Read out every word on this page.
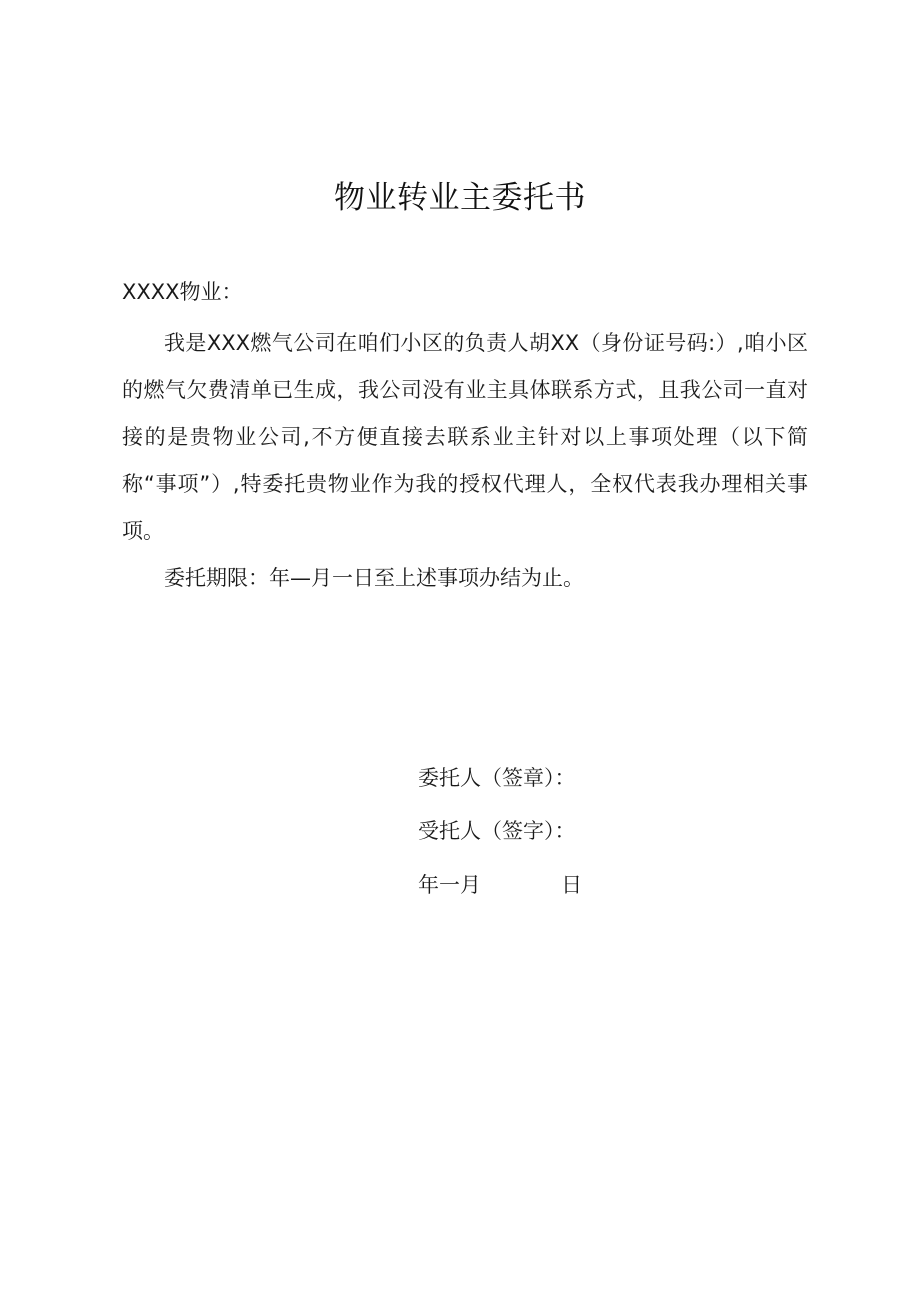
物业转业主委托书
XXXX物业：

我是XXX燃气公司在咱们小区的负责人胡XX（身份证号码:）,咱小区的燃气欠费清单已生成，我公司没有业主具体联系方式，且我公司一直对接的是贵物业公司,不方便直接去联系业主针对以上事项处理（以下简称“事项”）,特委托贵物业作为我的授权代理人，全权代表我办理相关事项。

委托期限：年—月一日至上述事项办结为止。

委托人（签章）：
受托人（签字）：
年一月            日
